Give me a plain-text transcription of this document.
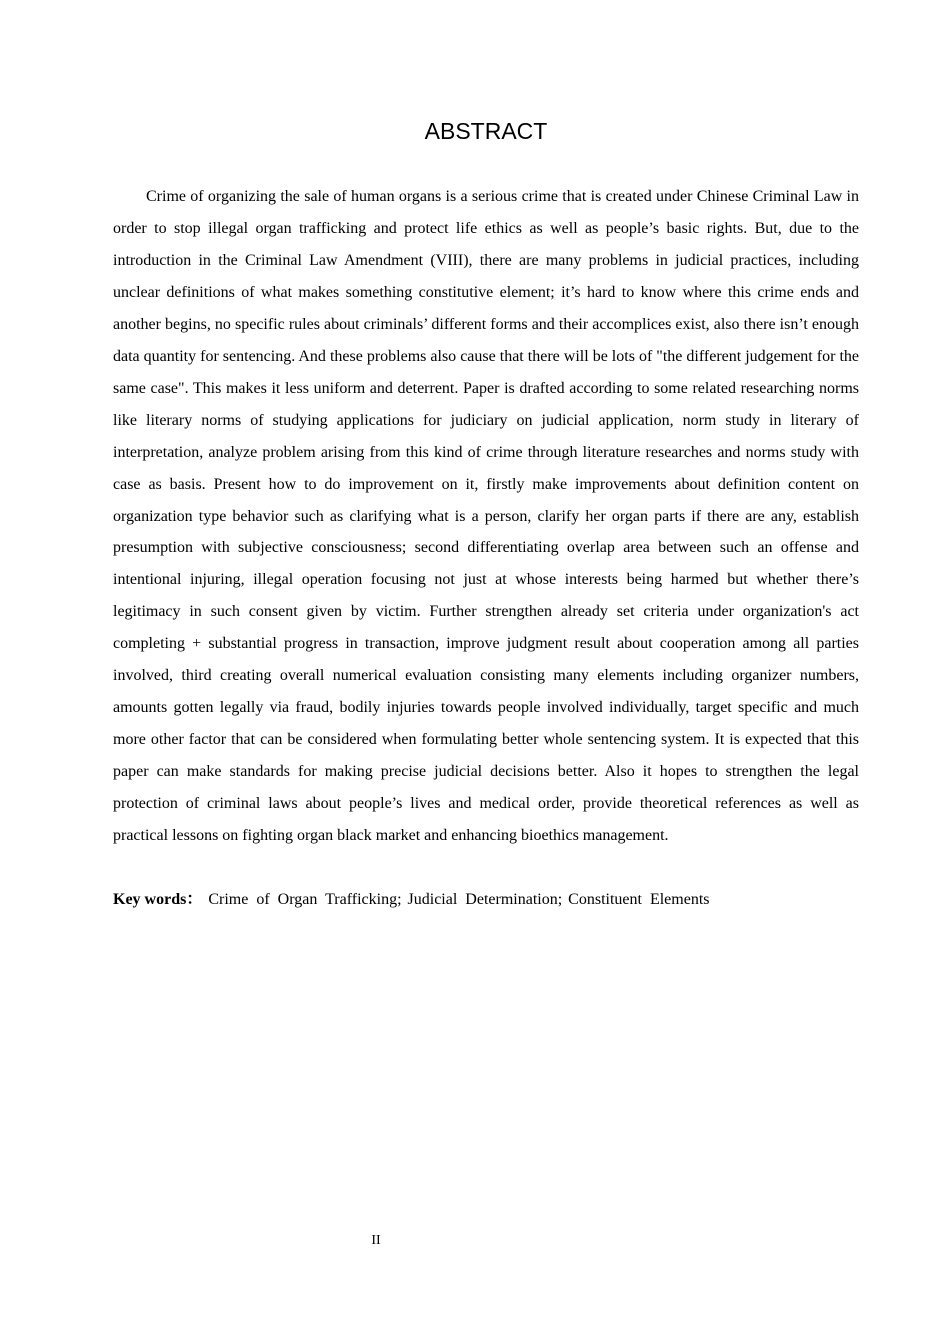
ABSTRACT

Crime of organizing the sale of human organs is a serious crime that is created under Chinese Criminal Law in order to stop illegal organ trafficking and protect life ethics as well as people’s basic rights. But, due to the introduction in the Criminal Law Amendment (VIII), there are many problems in judicial practices, including unclear definitions of what makes something constitutive element; it’s hard to know where this crime ends and another begins, no specific rules about criminals’ different forms and their accomplices exist, also there isn’t enough data quantity for sentencing. And these problems also cause that there will be lots of "the different judgement for the same case". This makes it less uniform and deterrent. Paper is drafted according to some related researching norms like literary norms of studying applications for judiciary on judicial application, norm study in literary of interpretation, analyze problem arising from this kind of crime through literature researches and norms study with case as basis. Present how to do improvement on it, firstly make improvements about definition content on organization type behavior such as clarifying what is a person, clarify her organ parts if there are any, establish presumption with subjective consciousness; second differentiating overlap area between such an offense and intentional injuring, illegal operation focusing not just at whose interests being harmed but whether there’s legitimacy in such consent given by victim. Further strengthen already set criteria under organization's act completing + substantial progress in transaction, improve judgment result about cooperation among all parties involved, third creating overall numerical evaluation consisting many elements including organizer numbers, amounts gotten legally via fraud, bodily injuries towards people involved individually, target specific and much more other factor that can be considered when formulating better whole sentencing system. It is expected that this paper can make standards for making precise judicial decisions better. Also it hopes to strengthen the legal protection of criminal laws about people’s lives and medical order, provide theoretical references as well as practical lessons on fighting organ black market and enhancing bioethics management.

Key words： Crime of Organ Trafficking; Judicial Determination; Constituent Elements

II
